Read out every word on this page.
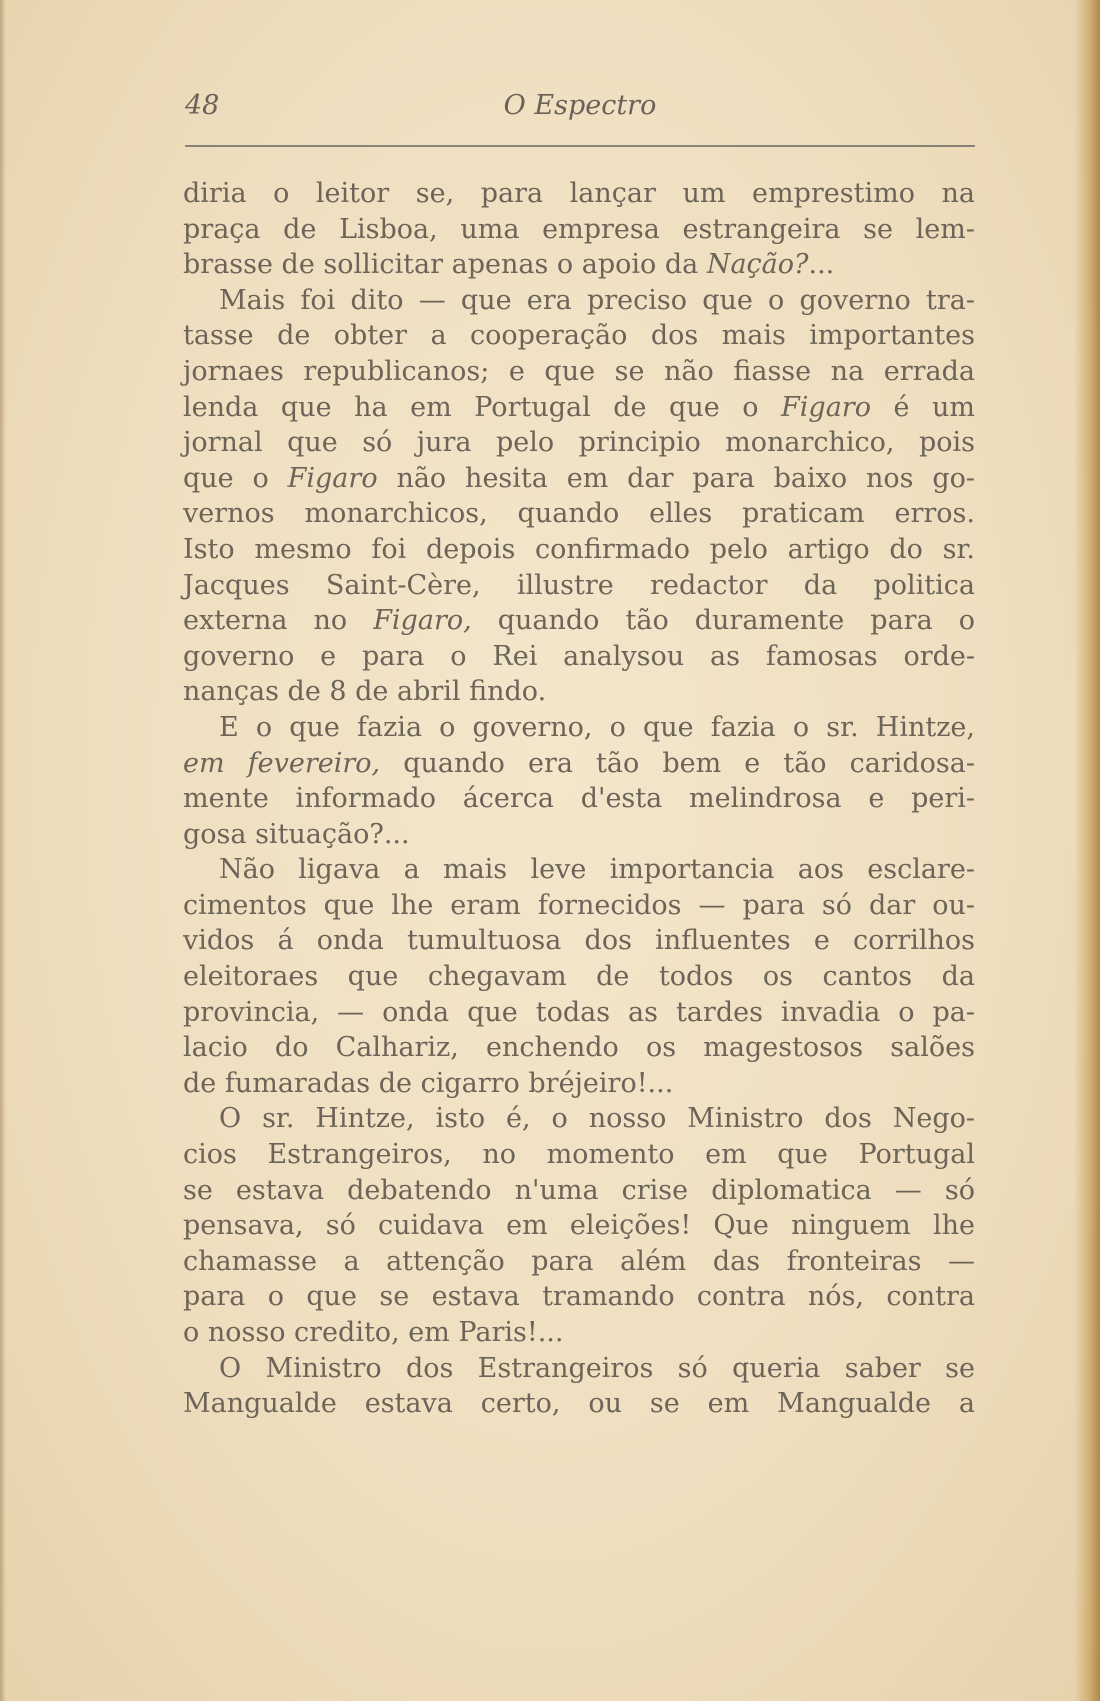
48	O Espectro
diria o leitor se, para lançar um emprestimo na
praça de Lisboa, uma empresa estrangeira se lem-
brasse de sollicitar apenas o apoio da Nação?...
Mais foi dito — que era preciso que o governo tra-
tasse de obter a cooperação dos mais importantes
jornaes republicanos; e que se não fiasse na errada
lenda que ha em Portugal de que o Figaro é um
jornal que só jura pelo principio monarchico, pois
que o Figaro não hesita em dar para baixo nos go-
vernos monarchicos, quando elles praticam erros.
Isto mesmo foi depois confirmado pelo artigo do sr.
Jacques Saint-Cère, illustre redactor da politica
externa no Figaro, quando tão duramente para o
governo e para o Rei analysou as famosas orde-
nanças de 8 de abril findo.
E o que fazia o governo, o que fazia o sr. Hintze,
em fevereiro, quando era tão bem e tão caridosa-
mente informado ácerca d'esta melindrosa e peri-
gosa situação?...
Não ligava a mais leve importancia aos esclare-
cimentos que lhe eram fornecidos — para só dar ou-
vidos á onda tumultuosa dos influentes e corrilhos
eleitoraes que chegavam de todos os cantos da
provincia, — onda que todas as tardes invadia o pa-
lacio do Calhariz, enchendo os magestosos salões
de fumaradas de cigarro bréjeiro!...
O sr. Hintze, isto é, o nosso Ministro dos Nego-
cios Estrangeiros, no momento em que Portugal
se estava debatendo n'uma crise diplomatica — só
pensava, só cuidava em eleições! Que ninguem lhe
chamasse a attenção para além das fronteiras —
para o que se estava tramando contra nós, contra
o nosso credito, em Paris!...
O Ministro dos Estrangeiros só queria saber se
Mangualde estava certo, ou se em Mangualde a
